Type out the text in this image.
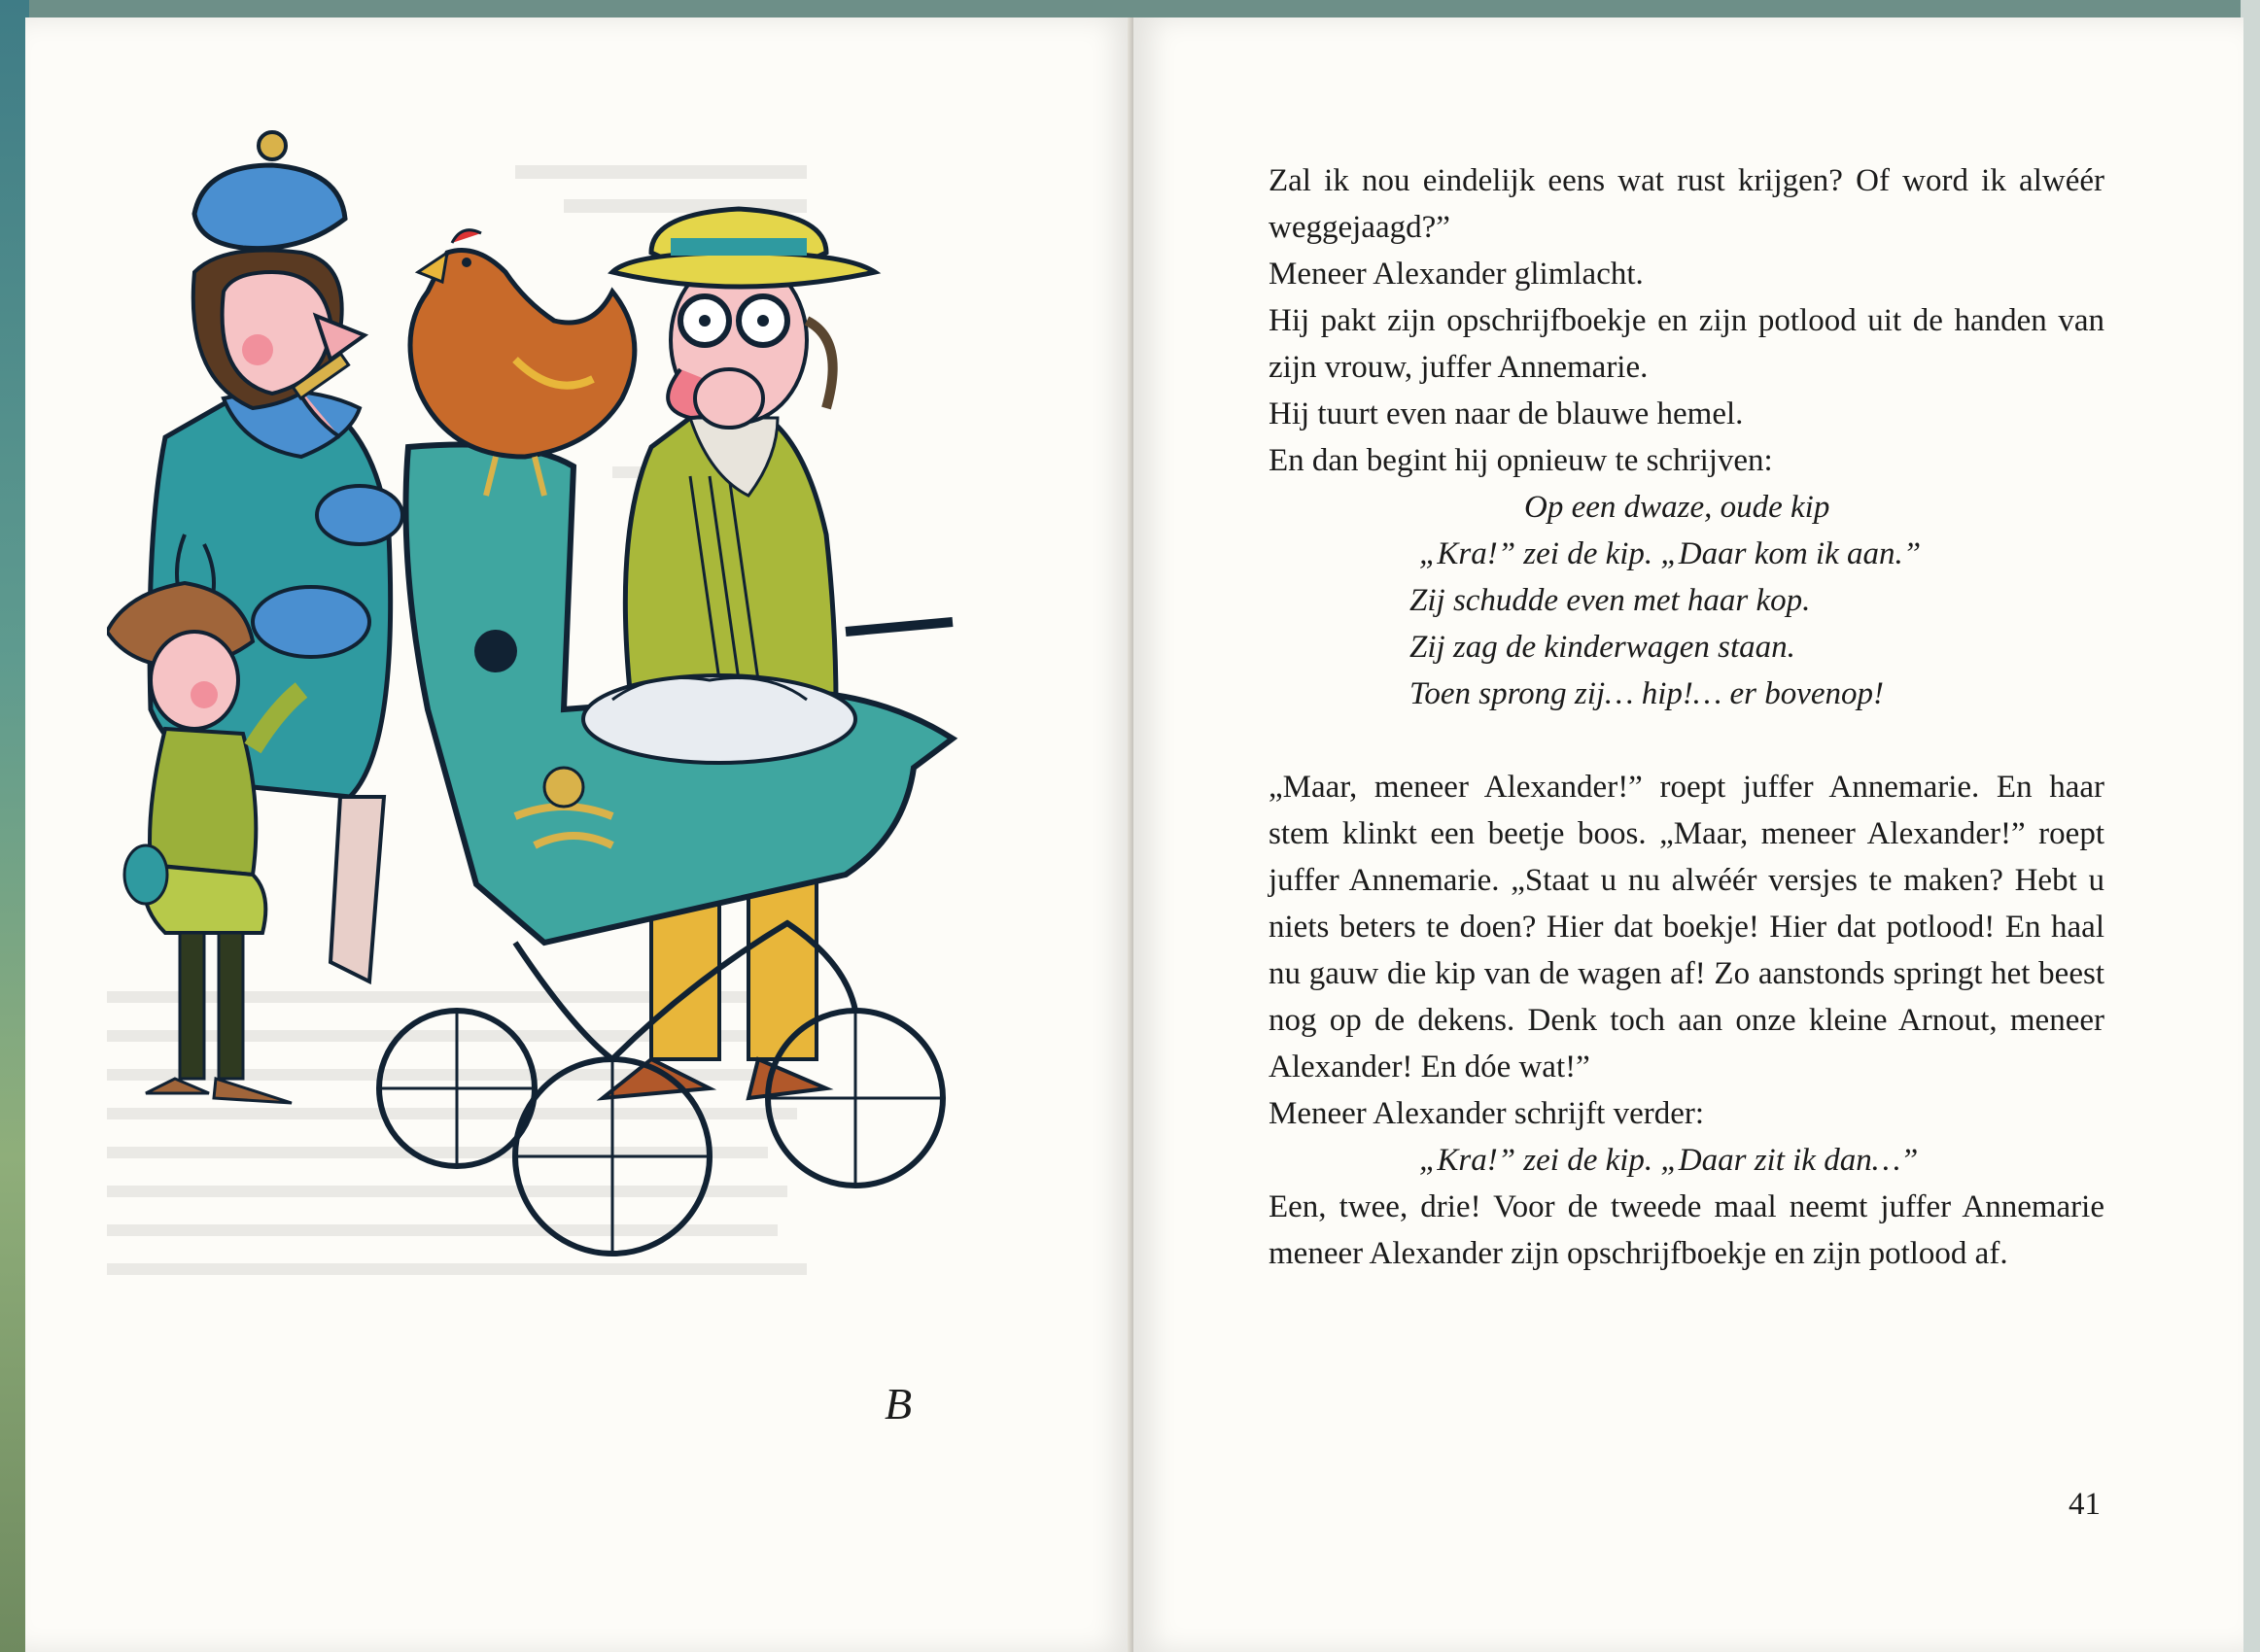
B

Zal ik nou eindelijk eens wat rust krijgen? Of word ik alwéér weggejaagd?”

Meneer Alexander glimlacht.

Hij pakt zijn opschrijfboekje en zijn potlood uit de handen van zijn vrouw, juffer Annemarie.

Hij tuurt even naar de blauwe hemel.

En dan begint hij opnieuw te schrijven:

Op een dwaze, oude kip

„Kra!” zei de kip. „Daar kom ik aan.”

Zij schudde even met haar kop.

Zij zag de kinderwagen staan.

Toen sprong zij… hip!… er bovenop!

„Maar, meneer Alexander!” roept juffer Annemarie. En haar stem klinkt een beetje boos. „Maar, meneer Alexander!” roept juffer Annemarie. „Staat u nu alwéér versjes te maken? Hebt u niets beters te doen? Hier dat boekje! Hier dat potlood! En haal nu gauw die kip van de wagen af! Zo aanstonds springt het beest nog op de dekens. Denk toch aan onze kleine Arnout, meneer Alexander! En dóe wat!”

Meneer Alexander schrijft verder:

„Kra!” zei de kip. „Daar zit ik dan…”

Een, twee, drie! Voor de tweede maal neemt juffer Annemarie meneer Alexander zijn opschrijfboekje en zijn potlood af.

41
